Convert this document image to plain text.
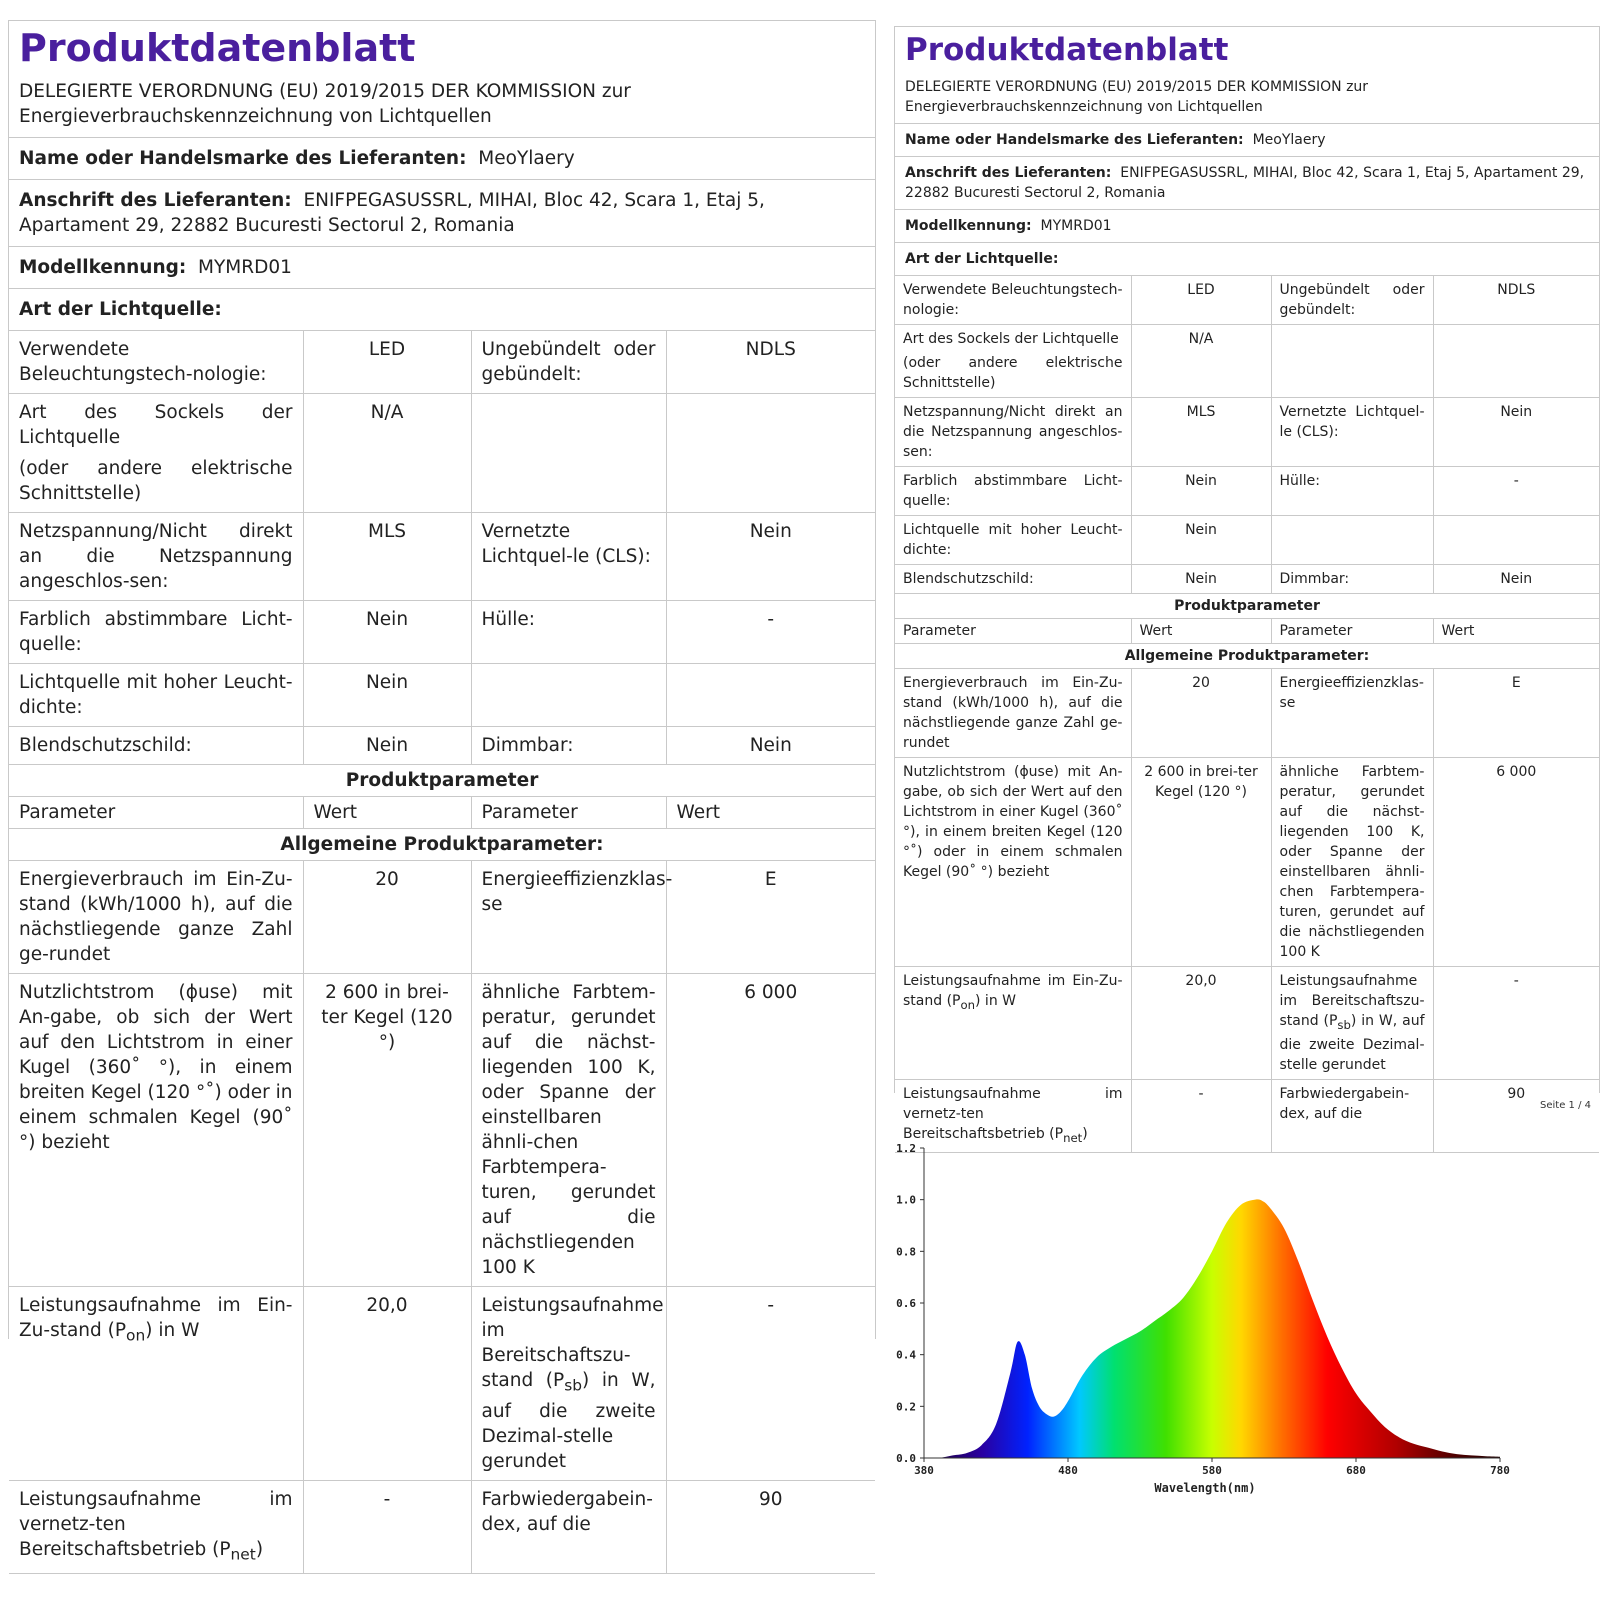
Produktdatenblatt
DELEGIERTE VERORDNUNG (EU) 2019/2015 DER KOMMISSION zur Energieverbrauchskennzeichnung von Lichtquellen
Name oder Handelsmarke des Lieferanten: MeoYlaery
Anschrift des Lieferanten: ENIFPEGASUSSRL, MIHAI, Bloc 42, Scara 1, Etaj 5, Apartament 29, 22882 Bucuresti Sectorul 2, Romania
Modellkennung: MYMRD01
Art der Lichtquelle:
Verwendete Beleuchtungstech-nologie:	LED	Ungebündelt oder gebündelt:	NDLS

Art des Sockels der Lichtquelle
(oder andere elektrische Schnittstelle)	N/A		
Netzspannung/Nicht direkt an die Netzspannung angeschlos-sen:	MLS	Vernetzte Lichtquel-le (CLS):	Nein
Farblich abstimmbare Licht-quelle:	Nein	Hülle:	-
Lichtquelle mit hoher Leucht-dichte:	Nein		
Blendschutzschild:	Nein	Dimmbar:	Nein
Produktparameter			
Parameter	Wert	Parameter	Wert
Allgemeine Produktparameter:			
Energieverbrauch im Ein-Zu-stand (kWh/1000 h), auf die nächstliegende ganze Zahl ge-rundet	20	Energieeffizienzklas-se	E
Nutzlichtstrom (ϕuse) mit An-gabe, ob sich der Wert auf den Lichtstrom in einer Kugel (360˚ °), in einem breiten Kegel (120 °˚) oder in einem schmalen Kegel (90˚ °) bezieht	2 600 in brei-ter Kegel (120 °)	ähnliche Farbtem-peratur, gerundet auf die nächst-liegenden 100 K, oder Spanne der einstellbaren ähnli-chen Farbtempera-turen, gerundet auf die nächstliegenden 100 K	6 000
Leistungsaufnahme im Ein-Zu-stand $(P_{on})$ in W	20,0	Leistungsaufnahme im Bereitschaftszu-stand $(P_{sb})$ in W, auf die zweite Dezimal-stelle gerundet	-
Leistungsaufnahme im vernetz-ten Bereitschaftsbetrieb $(P_{net})$	-	Farbwiedergabein-dex, auf die	90
Produktdatenblatt
DELEGIERTE VERORDNUNG (EU) 2019/2015 DER KOMMISSION zur Energieverbrauchskennzeichnung von Lichtquellen
Name oder Handelsmarke des Lieferanten: MeoYlaery
Anschrift des Lieferanten: ENIFPEGASUSSRL, MIHAI, Bloc 42, Scara 1, Etaj 5, Apartament 29, 22882 Bucuresti Sectorul 2, Romania
Modellkennung: MYMRD01
Art der Lichtquelle:
Verwendete Beleuchtungstech-nologie:	LED	Ungebündelt oder gebündelt:	NDLS

Art des Sockels der Lichtquelle
(oder andere elektrische Schnittstelle)	N/A		
Netzspannung/Nicht direkt an die Netzspannung angeschlos-sen:	MLS	Vernetzte Lichtquel-le (CLS):	Nein
Farblich abstimmbare Licht-quelle:	Nein	Hülle:	-
Lichtquelle mit hoher Leucht-dichte:	Nein		
Blendschutzschild:	Nein	Dimmbar:	Nein
Produktparameter			
Parameter	Wert	Parameter	Wert
Allgemeine Produktparameter:			
Energieverbrauch im Ein-Zu-stand (kWh/1000 h), auf die nächstliegende ganze Zahl ge-rundet	20	Energieeffizienzklas-se	E
Nutzlichtstrom (ϕuse) mit An-gabe, ob sich der Wert auf den Lichtstrom in einer Kugel (360˚ °), in einem breiten Kegel (120 °˚) oder in einem schmalen Kegel (90˚ °) bezieht	2 600 in brei-ter Kegel (120 °)	ähnliche Farbtem-peratur, gerundet auf die nächst-liegenden 100 K, oder Spanne der einstellbaren ähnli-chen Farbtempera-turen, gerundet auf die nächstliegenden 100 K	6 000
Leistungsaufnahme im Ein-Zu-stand $(P_{on})$ in W	20,0	Leistungsaufnahme im Bereitschaftszu-stand $(P_{sb})$ in W, auf die zweite Dezimal-stelle gerundet	-
Leistungsaufnahme im vernetz-ten Bereitschaftsbetrieb $(P_{net})$	-	Farbwiedergabein-dex, auf die	90
Seite 1 / 4
0.0
0.2
0.4
0.6
0.8
1.0
1.2
380	480	580	680	780
Wavelength(nm)
